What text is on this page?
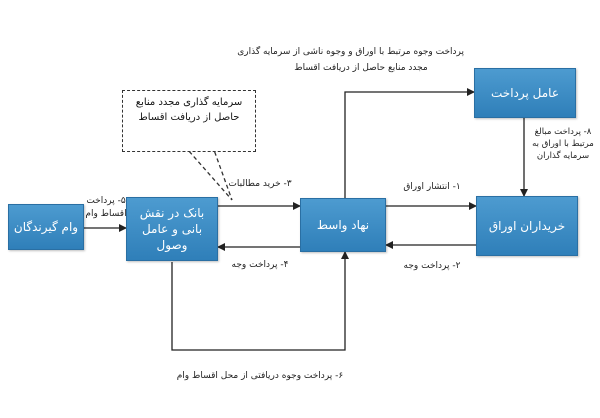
سرمایه گذاری مجدد منابع
حاصل از دریافت اقساط
وام گیرندگان
بانک در نقش بانی و عامل وصول
نهاد واسط
عامل پرداخت
خریداران اوراق
۱- انتشار اوراق
۲- پرداخت وجه
۳- خرید مطالبات
۴- پرداخت وجه
۵- پرداخت
اقساط وام
۶- پرداخت وجوه دریافتی از محل اقساط وام
پرداخت وجوه مرتبط با اوراق و وجوه ناشی از سرمایه گذاری
مجدد منابع حاصل از دریافت اقساط
۸- پرداخت مبالغ
مرتبط با اوراق به
سرمایه گذاران
